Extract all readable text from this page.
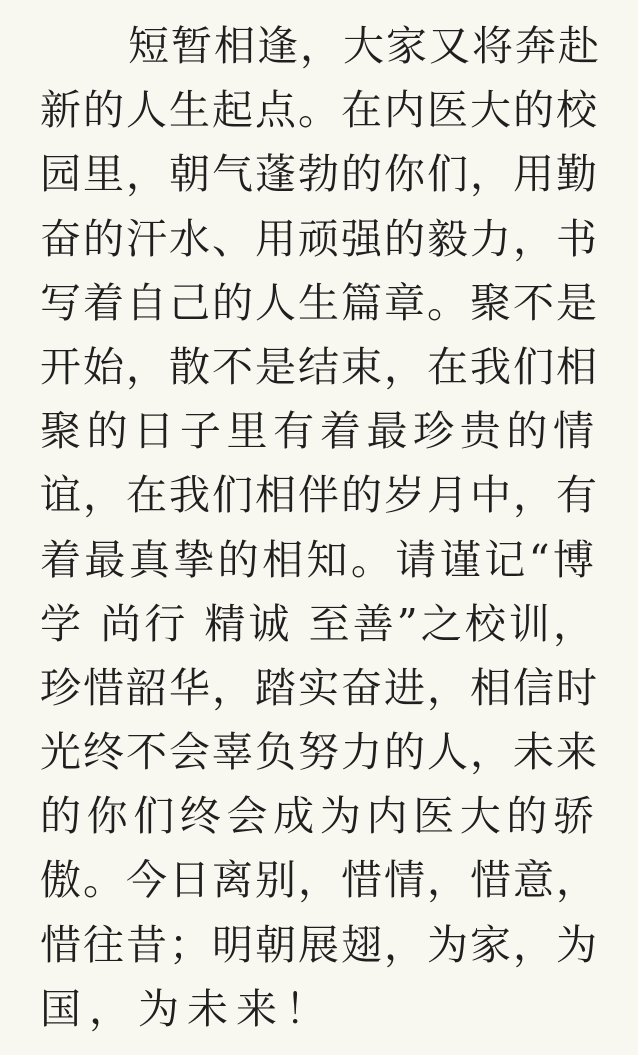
短暂相逢，大家又将奔赴
新的人生起点。在内医大的校
园里，朝气蓬勃的你们，用勤
奋的汗水、用顽强的毅力，书
写着自己的人生篇章。聚不是
开始，散不是结束，在我们相
聚的日子里有着最珍贵的情
谊，在我们相伴的岁月中，有
着最真挚的相知。请谨记“博
学 尚行 精诚 至善”之校训，
珍惜韶华，踏实奋进，相信时
光终不会辜负努力的人，未来
的你们终会成为内医大的骄
傲。今日离别，惜情，惜意，
惜往昔；明朝展翅，为家，为
国，为未来！
